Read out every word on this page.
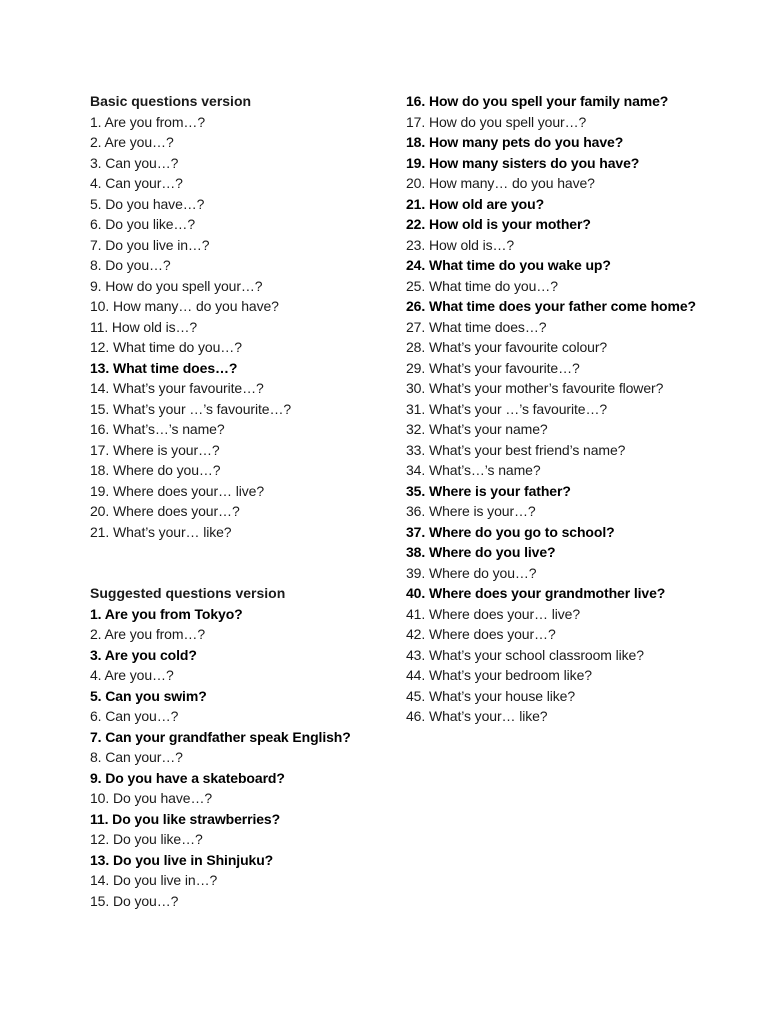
Basic questions version

1. Are you from…?

2. Are you…?

3. Can you…?

4. Can your…?

5. Do you have…?

6. Do you like…?

7. Do you live in…?

8. Do you…?

9. How do you spell your…?

10. How many… do you have?

11. How old is…?

12. What time do you…?

13. What time does…?

14. What’s your favourite…?

15. What’s your …’s favourite…?

16. What’s…’s name?

17. Where is your…?

18. Where do you…?

19. Where does your… live?

20. Where does your…?

21. What’s your… like?

Suggested questions version

1. Are you from Tokyo?

2. Are you from…?

3. Are you cold?

4. Are you…?

5. Can you swim?

6. Can you…?

7. Can your grandfather speak English?

8. Can your…?

9. Do you have a skateboard?

10. Do you have…?

11. Do you like strawberries?

12. Do you like…?

13. Do you live in Shinjuku?

14. Do you live in…?

15. Do you…?

16. How do you spell your family name?

17. How do you spell your…?

18. How many pets do you have?

19. How many sisters do you have?

20. How many… do you have?

21. How old are you?

22. How old is your mother?

23. How old is…?

24. What time do you wake up?

25. What time do you…?

26. What time does your father come home?

27. What time does…?

28. What’s your favourite colour?

29. What’s your favourite…?

30. What’s your mother’s favourite flower?

31. What’s your …’s favourite…?

32. What’s your name?

33. What’s your best friend’s name?

34. What’s…’s name?

35. Where is your father?

36. Where is your…?

37. Where do you go to school?

38. Where do you live?

39. Where do you…?

40. Where does your grandmother live?

41. Where does your… live?

42. Where does your…?

43. What’s your school classroom like?

44. What’s your bedroom like?

45. What’s your house like?

46. What’s your… like?
